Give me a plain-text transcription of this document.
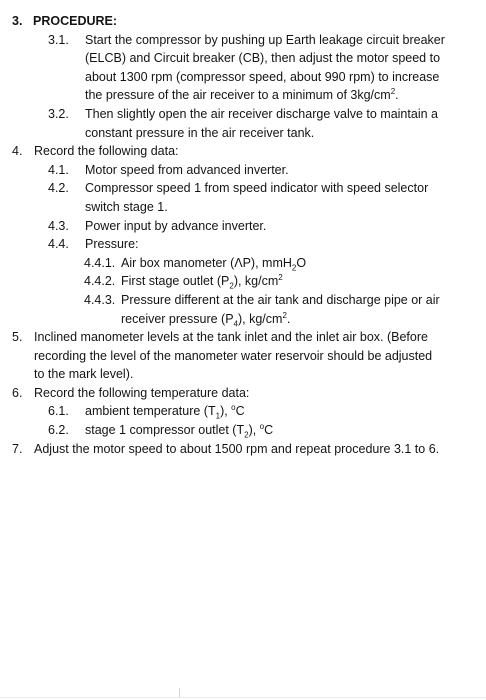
3. PROCEDURE:
3.1.	Start the compressor by pushing up Earth leakage circuit breaker
(ELCB) and Circuit breaker (CB), then adjust the motor speed to
about 1300 rpm (compressor speed, about 990 rpm) to increase
the pressure of the air receiver to a minimum of $3kg/cm^2$.
3.2.	Then slightly open the air receiver discharge valve to maintain a
constant pressure in the air receiver tank.
4. Record the following data:
4.1.	Motor speed from advanced inverter.
4.2.	Compressor speed 1 from speed indicator with speed selector
switch stage 1.
4.3.	Power input by advance inverter.
4.4.	Pressure:
4.4.1. Air box manometer (ΛP), mmH$_2$O
4.4.2. First stage outlet $(P_2)$, $kg/cm^2$
4.4.3. Pressure different at the air tank and discharge pipe or air
receiver pressure $(P_4)$, $kg/cm^2$.
5. Inclined manometer levels at the tank inlet and the inlet air box. (Before
recording the level of the manometer water reservoir should be adjusted
to the mark level).
6. Record the following temperature data:
6.1.	ambient temperature $(T_1)$, $^o$C
6.2.	stage 1 compressor outlet $(T_2)$, $^o$C
7. Adjust the motor speed to about 1500 rpm and repeat procedure 3.1 to 6.
